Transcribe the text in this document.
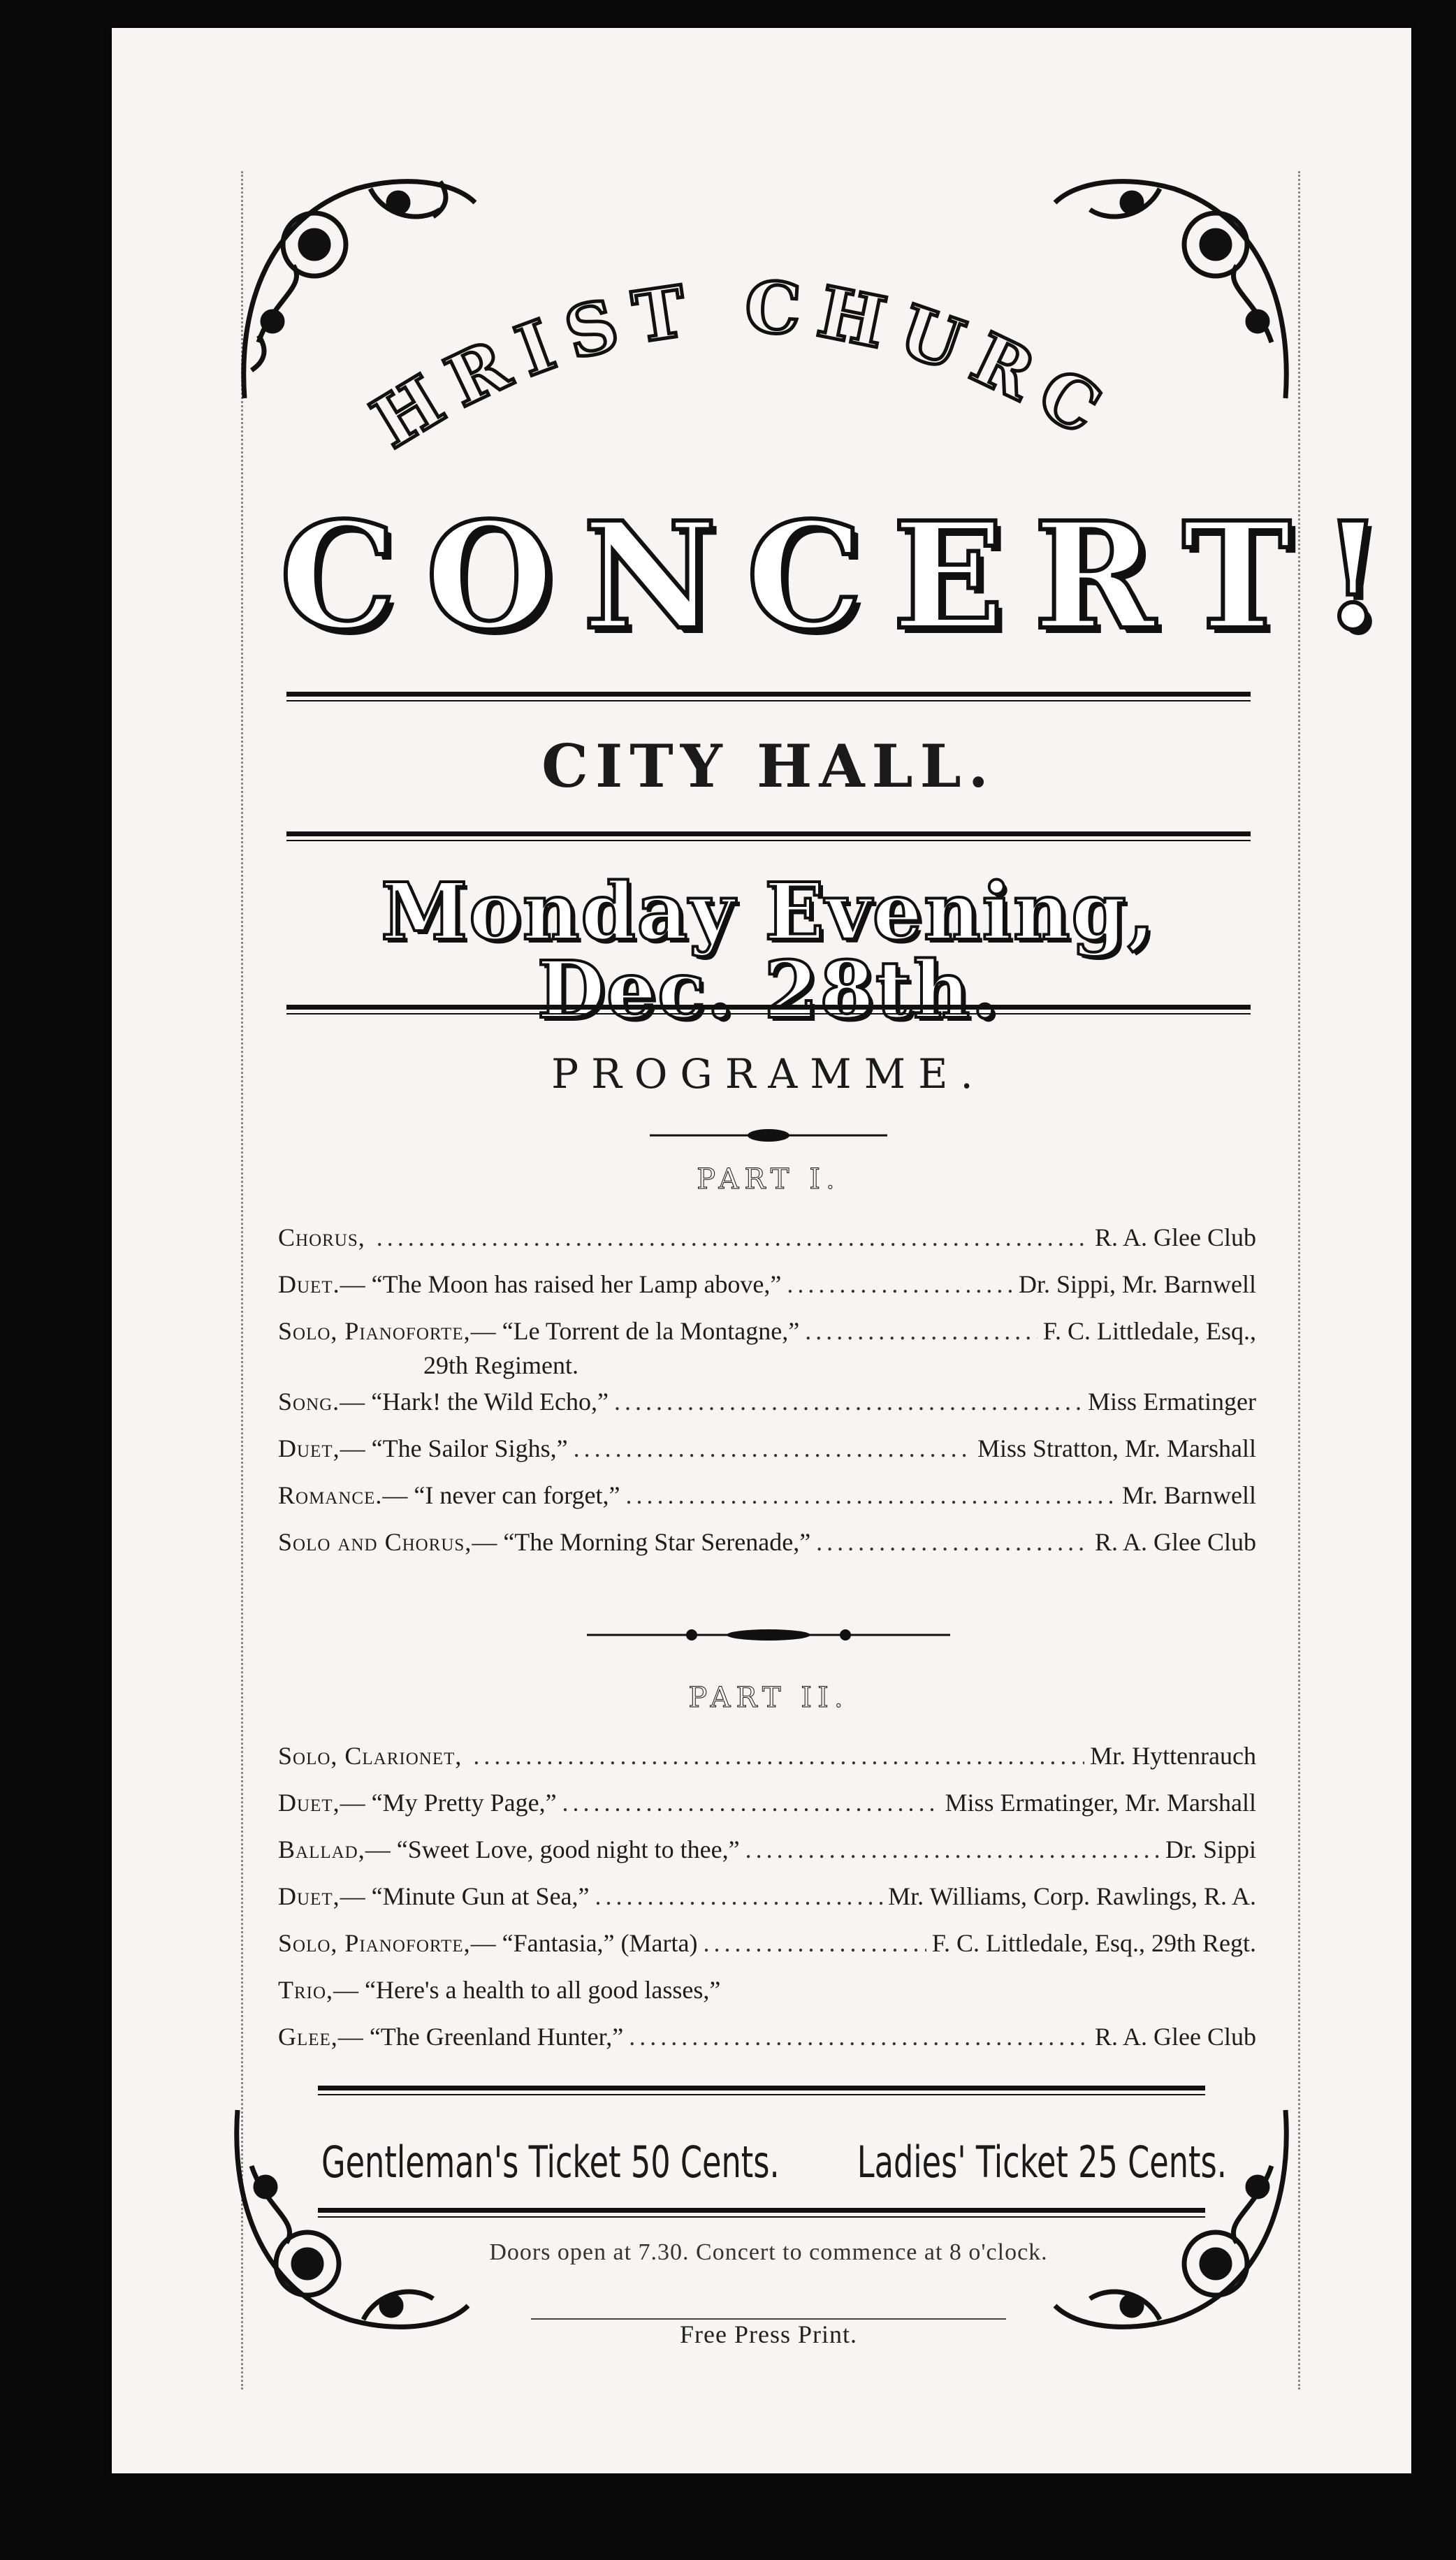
HRIST CHURC
CONCERT!
CITY HALL.
Monday Evening, Dec. 28th.
PROGRAMME.
PART I.
Chorus, .....	R. A. Glee Club
Duet.— “The Moon has raised her Lamp above,” .....	Dr. Sippi, Mr. Barnwell
Solo, Pianoforte,— “Le Torrent de la Montagne,” .....	F. C. Littledale, Esq.,
29th Regiment.
Song.— “Hark! the Wild Echo,” .....	Miss Ermatinger
Duet,— “The Sailor Sighs,” .....	Miss Stratton, Mr. Marshall
Romance.— “I never can forget,” .....	Mr. Barnwell
Solo and Chorus,— “The Morning Star Serenade,” .....	R. A. Glee Club
PART II.
Solo, Clarionet, .....	Mr. Hyttenrauch
Duet,— “My Pretty Page,” .....	Miss Ermatinger, Mr. Marshall
Ballad,— “Sweet Love, good night to thee,” .....	Dr. Sippi
Duet,— “Minute Gun at Sea,” .....	Mr. Williams, Corp. Rawlings, R. A.
Solo, Pianoforte,— “Fantasia,” (Marta) .....	F. C. Littledale, Esq., 29th Regt.
Trio,— “Here's a health to all good lasses,”
Glee,— “The Greenland Hunter,” .....	R. A. Glee Club
Gentleman's Ticket 50 Cents. Ladies' Ticket 25 Cents.
Doors open at 7.30. Concert to commence at 8 o'clock.
Free Press Print.
